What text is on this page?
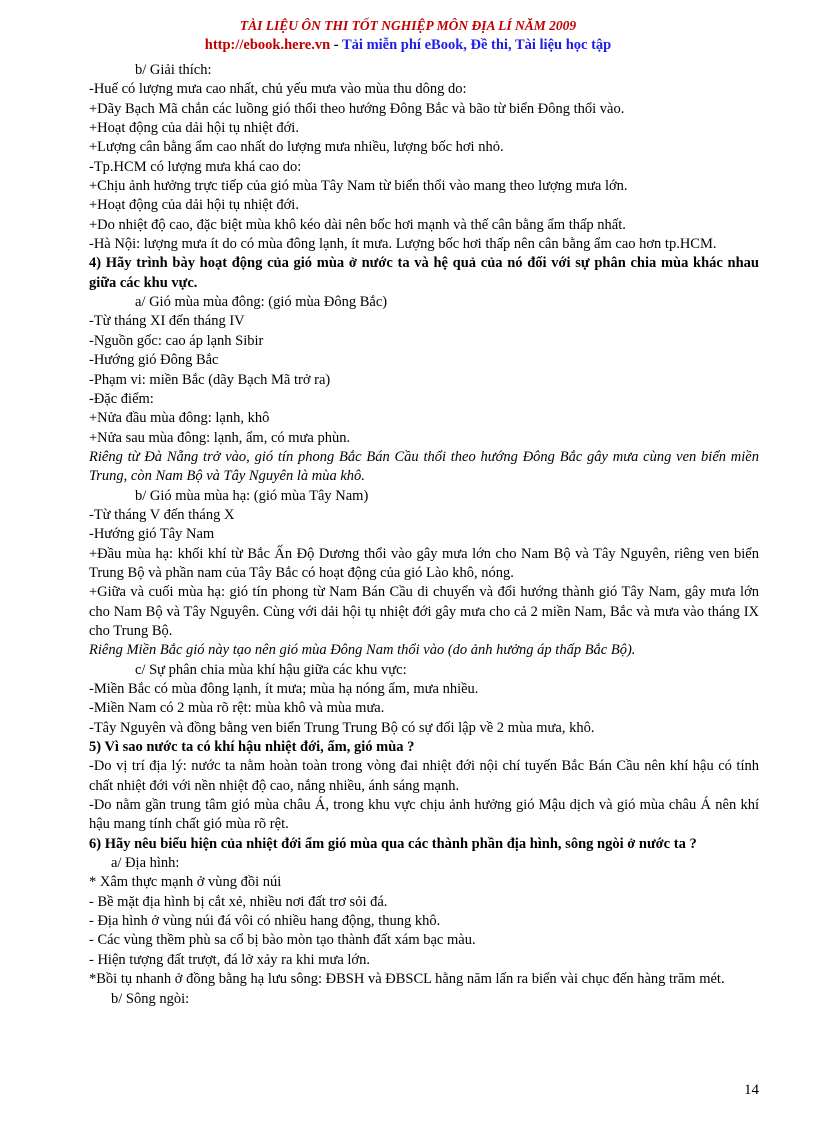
TÀI LIỆU ÔN THI TỐT NGHIỆP MÔN ĐỊA LÍ NĂM 2009
http://ebook.here.vn - Tải miễn phí eBook, Đề thi, Tài liệu học tập

b/ Giải thích:

-Huế có lượng mưa cao nhất, chủ yếu mưa vào mùa thu dông do:

+Dãy Bạch Mã chắn các luồng gió thổi theo hướng Đông Bắc và bão từ biển Đông thổi vào.

+Hoạt động của dải hội tụ nhiệt đới.

+Lượng cân bằng ẩm cao nhất do lượng mưa nhiều, lượng bốc hơi nhỏ.

-Tp.HCM có lượng mưa khá cao do:

+Chịu ảnh hưởng trực tiếp của gió mùa Tây Nam từ biển thổi vào mang theo lượng mưa lớn.

+Hoạt động của dải hội tụ nhiệt đới.

+Do nhiệt độ cao, đặc biệt mùa khô kéo dài nên bốc hơi mạnh và thế cân bằng ẩm thấp nhất.

-Hà Nội: lượng mưa ít do có mùa đông lạnh, ít mưa. Lượng bốc hơi thấp nên cân bằng ẩm cao hơn tp.HCM.

4) Hãy trình bày hoạt động của gió mùa ở nước ta và hệ quả của nó đối với sự phân chia mùa khác nhau giữa các khu vực.

a/ Gió mùa mùa đông: (gió mùa Đông Bắc)

-Từ tháng XI đến tháng IV

-Nguồn gốc: cao áp lạnh Sibir

-Hướng gió Đông Bắc

-Phạm vi: miền Bắc (dãy Bạch Mã trở ra)

-Đặc điểm:

+Nửa đầu mùa đông: lạnh, khô

+Nửa sau mùa đông: lạnh, ẩm, có mưa phùn.

Riêng từ Đà Nẵng trở vào, gió tín phong Bắc Bán Cầu thổi theo hướng Đông Bắc gây mưa cùng ven biển miền Trung, còn Nam Bộ và Tây Nguyên là mùa khô.

b/ Gió mùa mùa hạ: (gió mùa Tây Nam)

-Từ tháng V đến tháng X

-Hướng gió Tây Nam

+Đầu mùa hạ: khối khí từ Bắc Ấn Độ Dương thổi vào gây mưa lớn cho Nam Bộ và Tây Nguyên, riêng ven biển Trung Bộ và phần nam của Tây Bắc có hoạt động của gió Lào khô, nóng.

+Giữa và cuối mùa hạ: gió tín phong từ Nam Bán Cầu di chuyển và đổi hướng thành gió Tây Nam, gây mưa lớn cho Nam Bộ và Tây Nguyên. Cùng với dải hội tụ nhiệt đới gây mưa cho cả 2 miền Nam, Bắc và mưa vào tháng IX cho Trung Bộ.

Riêng Miền Bắc gió này tạo nên gió mùa Đông Nam thổi vào (do ảnh hưởng áp thấp Bắc Bộ).

c/ Sự phân chia mùa khí hậu giữa các khu vực:

-Miền Bắc có mùa đông lạnh, ít mưa; mùa hạ nóng ẩm, mưa nhiều.

-Miền Nam có 2 mùa rõ rệt: mùa khô và mùa mưa.

-Tây Nguyên và đồng bằng ven biển Trung Trung Bộ có sự đối lập về 2 mùa mưa, khô.

5) Vì sao nước ta có khí hậu nhiệt đới, ẩm, gió mùa ?

-Do vị trí địa lý: nước ta nằm hoàn toàn trong vòng đai nhiệt đới nội chí tuyến Bắc Bán Cầu nên khí hậu có tính chất nhiệt đới với nền nhiệt độ cao, nắng nhiều, ánh sáng mạnh.

-Do nằm gần trung tâm gió mùa châu Á, trong khu vực chịu ảnh hưởng gió Mậu dịch và gió mùa châu Á nên khí hậu mang tính chất gió mùa rõ rệt.

6) Hãy nêu biểu hiện của nhiệt đới ẩm gió mùa qua các thành phần địa hình, sông ngòi ở nước ta ?

a/ Địa hình:

* Xâm thực mạnh ở vùng đồi núi

- Bề mặt địa hình bị cắt xẻ, nhiều nơi đất trơ sỏi đá.

- Địa hình ở vùng núi đá vôi có nhiều hang động, thung khô.

- Các vùng thềm phù sa cổ bị bào mòn tạo thành đất xám bạc màu.

- Hiện tượng đất trượt, đá lở xảy ra khi mưa lớn.

*Bồi tụ nhanh ở đồng bằng hạ lưu sông: ĐBSH và ĐBSCL hằng năm lấn ra biển vài chục đến hàng trăm mét.

b/ Sông ngòi:

14
